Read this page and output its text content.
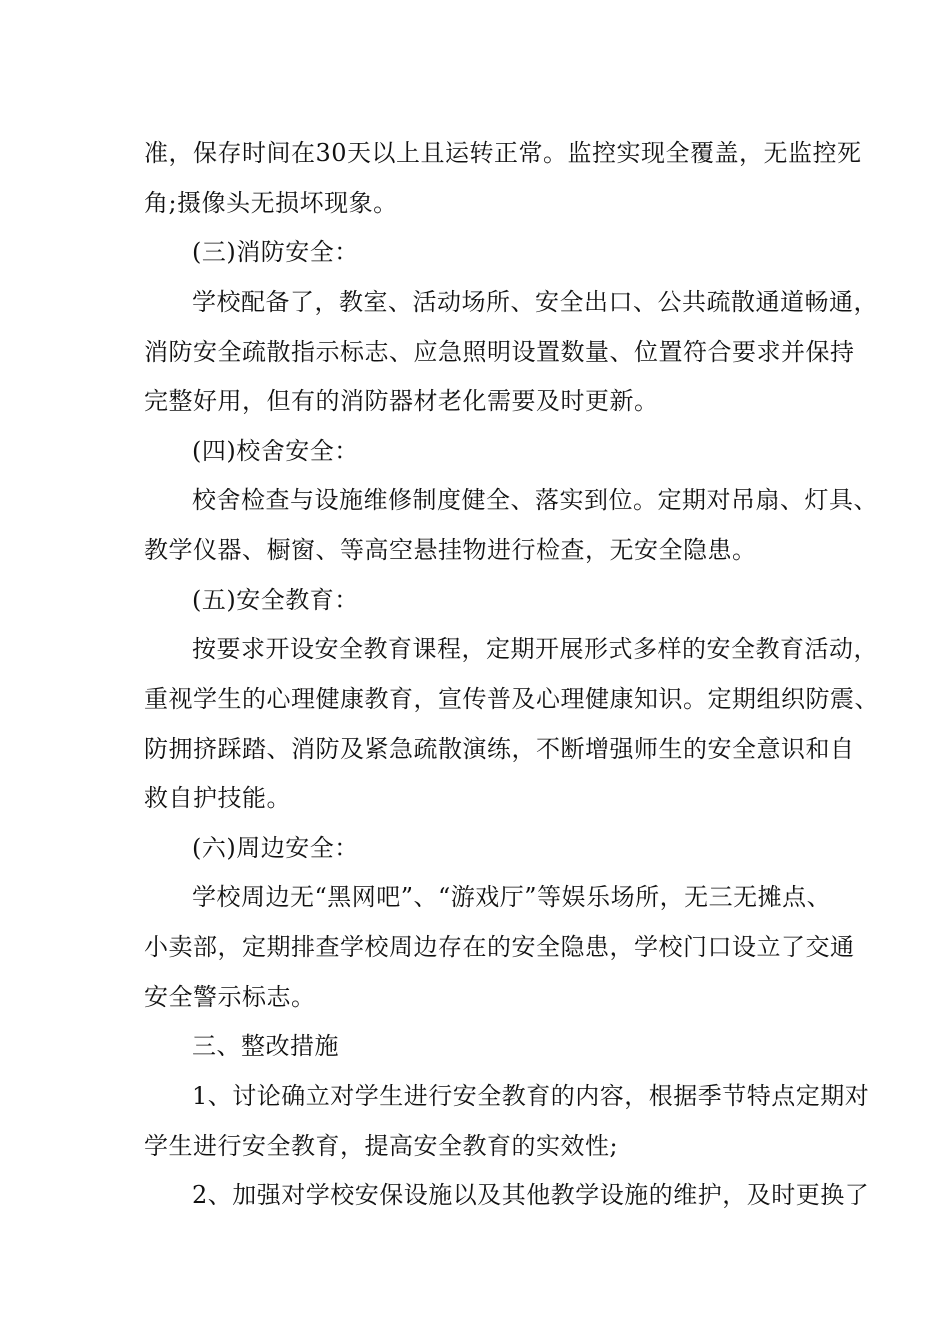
准，保存时间在30天以上且运转正常。监控实现全覆盖，无监控死
角;摄像头无损坏现象。
(三)消防安全：
学校配备了，教室、活动场所、安全出口、公共疏散通道畅通，
消防安全疏散指示标志、应急照明设置数量、位置符合要求并保持
完整好用，但有的消防器材老化需要及时更新。
(四)校舍安全：
校舍检查与设施维修制度健全、落实到位。定期对吊扇、灯具、
教学仪器、橱窗、等高空悬挂物进行检查，无安全隐患。
(五)安全教育：
按要求开设安全教育课程，定期开展形式多样的安全教育活动，
重视学生的心理健康教育，宣传普及心理健康知识。定期组织防震、
防拥挤踩踏、消防及紧急疏散演练，不断增强师生的安全意识和自
救自护技能。
(六)周边安全：
学校周边无“黑网吧”、“游戏厅”等娱乐场所，无三无摊点、
小卖部，定期排查学校周边存在的安全隐患，学校门口设立了交通
安全警示标志。
三、整改措施
1、讨论确立对学生进行安全教育的内容，根据季节特点定期对
学生进行安全教育，提高安全教育的实效性;
2、加强对学校安保设施以及其他教学设施的维护，及时更换了
